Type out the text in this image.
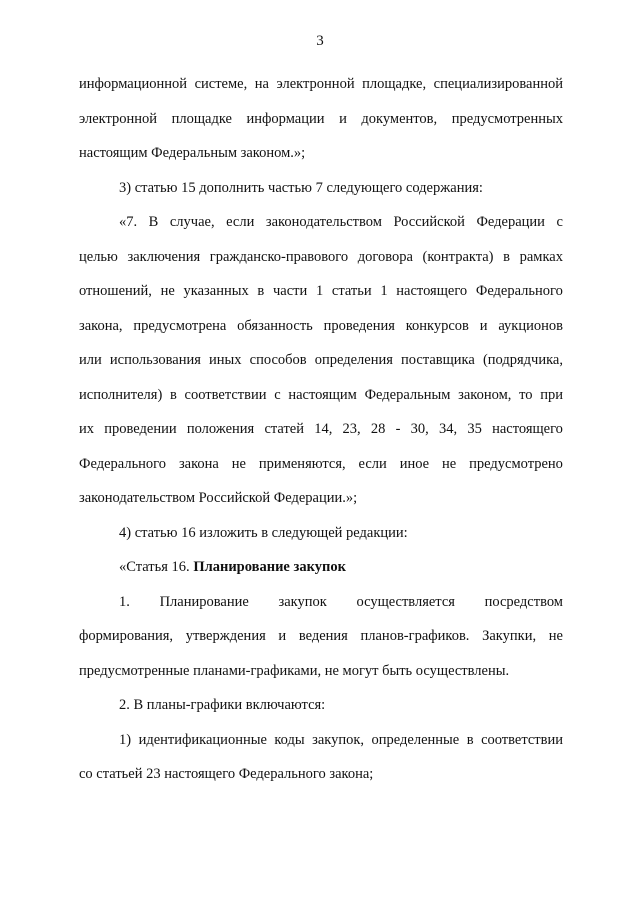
3
информационной системе, на электронной площадке, специализированной
электронной площадке информации и документов, предусмотренных
настоящим Федеральным законом.»;
3) статью 15 дополнить частью 7 следующего содержания:
«7. В случае, если законодательством Российской Федерации с
целью заключения гражданско-правового договора (контракта) в рамках
отношений, не указанных в части 1 статьи 1 настоящего Федерального
закона, предусмотрена обязанность проведения конкурсов и аукционов
или использования иных способов определения поставщика (подрядчика,
исполнителя) в соответствии с настоящим Федеральным законом, то при
их проведении положения статей 14, 23, 28 - 30, 34, 35 настоящего
Федерального закона не применяются, если иное не предусмотрено
законодательством Российской Федерации.»;
4) статью 16 изложить в следующей редакции:
«Статья 16. Планирование закупок
1. Планирование закупок осуществляется посредством
формирования, утверждения и ведения планов-графиков. Закупки, не
предусмотренные планами-графиками, не могут быть осуществлены.
2. В планы-графики включаются:
1) идентификационные коды закупок, определенные в соответствии
со статьей 23 настоящего Федерального закона;
